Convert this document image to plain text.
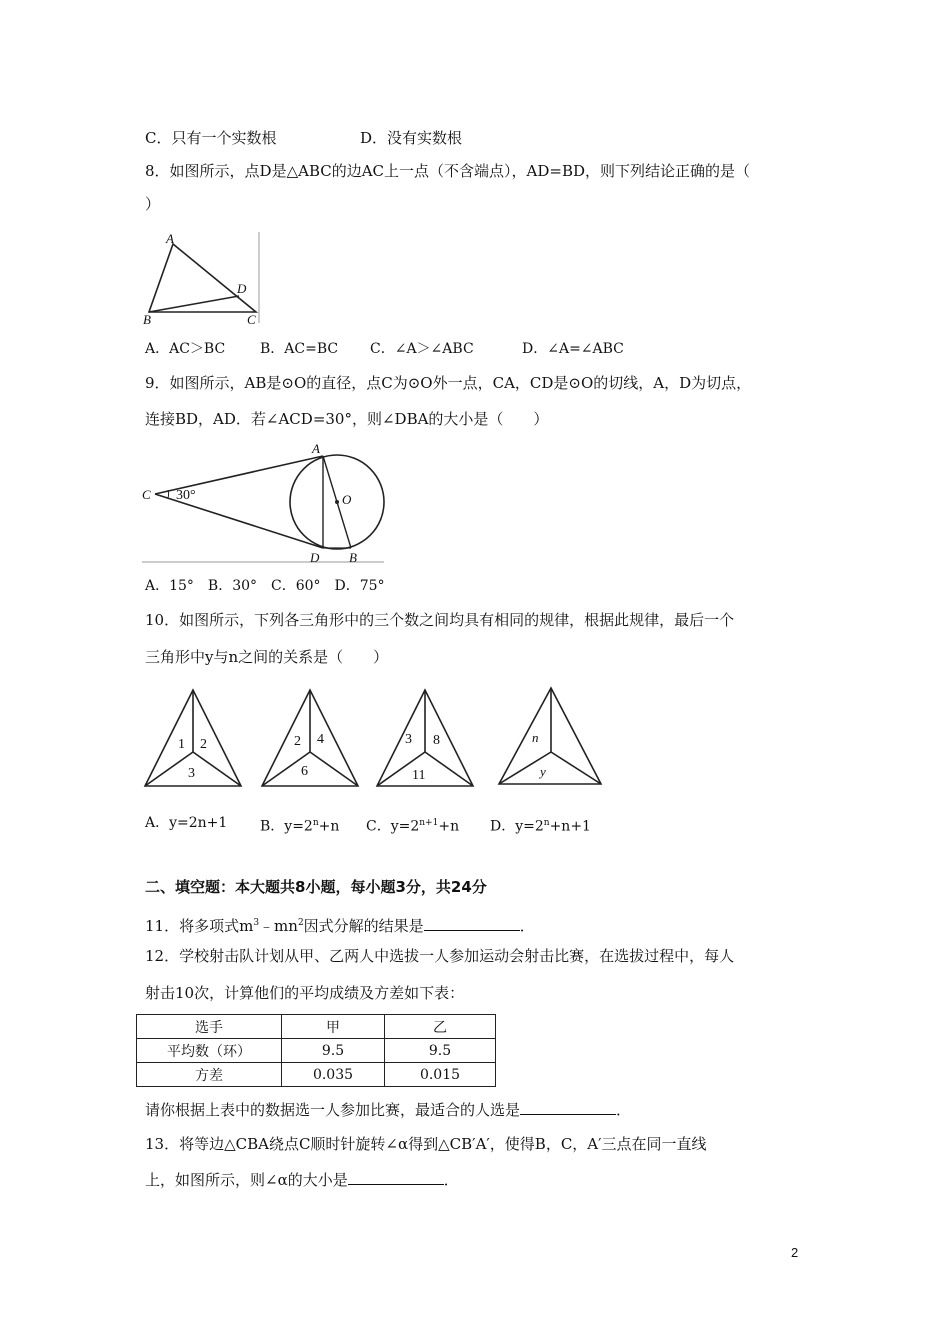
C．只有一个实数根	D．没有实数根
8．如图所示，点D是△ABC的边AC上一点（不含端点），AD=BD，则下列结论正确的是（
）
A
B	C
D
A．AC＞BC B．AC=BC C．∠A＞∠ABC	D．∠A=∠ABC
9．如图所示，AB是⊙O的直径，点C为⊙O外一点，CA，CD是⊙O的切线，A，D为切点，
连接BD，AD．若∠ACD=30°，则∠DBA的大小是（　　）
C 30°
A
O
D B
A．15°　B．30°　C．60°　D．75°
10．如图所示，下列各三角形中的三个数之间均具有相同的规律，根据此规律，最后一个
三角形中y与n之间的关系是（　　）
1 2
3
2 4
6
3 8
11
n
y
A．y=2n+1 B．$y=2^n+n$ C．$y=2^{n+1}+n$ D．$y=2^n+n+1$
二、填空题：本大题共8小题，每小题3分，共24分
11．将多项式$m^3﹣mn^2$因式分解的结果是	．
12．学校射击队计划从甲、乙两人中选拔一人参加运动会射击比赛，在选拔过程中，每人
射击10次，计算他们的平均成绩及方差如下表：
选手	甲	乙
平均数（环）	9.5	9.5
方差	0.035	0.015
请你根据上表中的数据选一人参加比赛，最适合的人选是	．
13．将等边△CBA绕点C顺时针旋转∠α得到△CB′A′，使得B，C，A′三点在同一直线
上，如图所示，则∠α的大小是	．
2
